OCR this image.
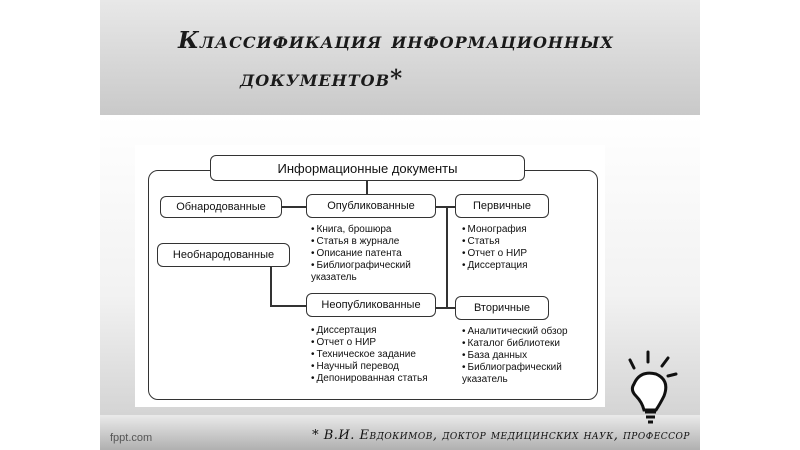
Классификация информационных
документов*
fppt.com	* В.И. Евдокимов, доктор медицинских наук, профессор
Информационные документы
Обнародованные
Необнародованные
Опубликованные
• Книга, брошюра
• Статья в журнале
• Описание патента
• Библиографический указатель
Неопубликованные
• Диссертация
• Отчет о НИР
• Техническое задание
• Научный перевод
• Депонированная статья
Первичные
• Монография
• Статья
• Отчет о НИР
• Диссертация
Вторичные
• Аналитический обзор
• Каталог библиотеки
• База данных
• Библиографический указатель
